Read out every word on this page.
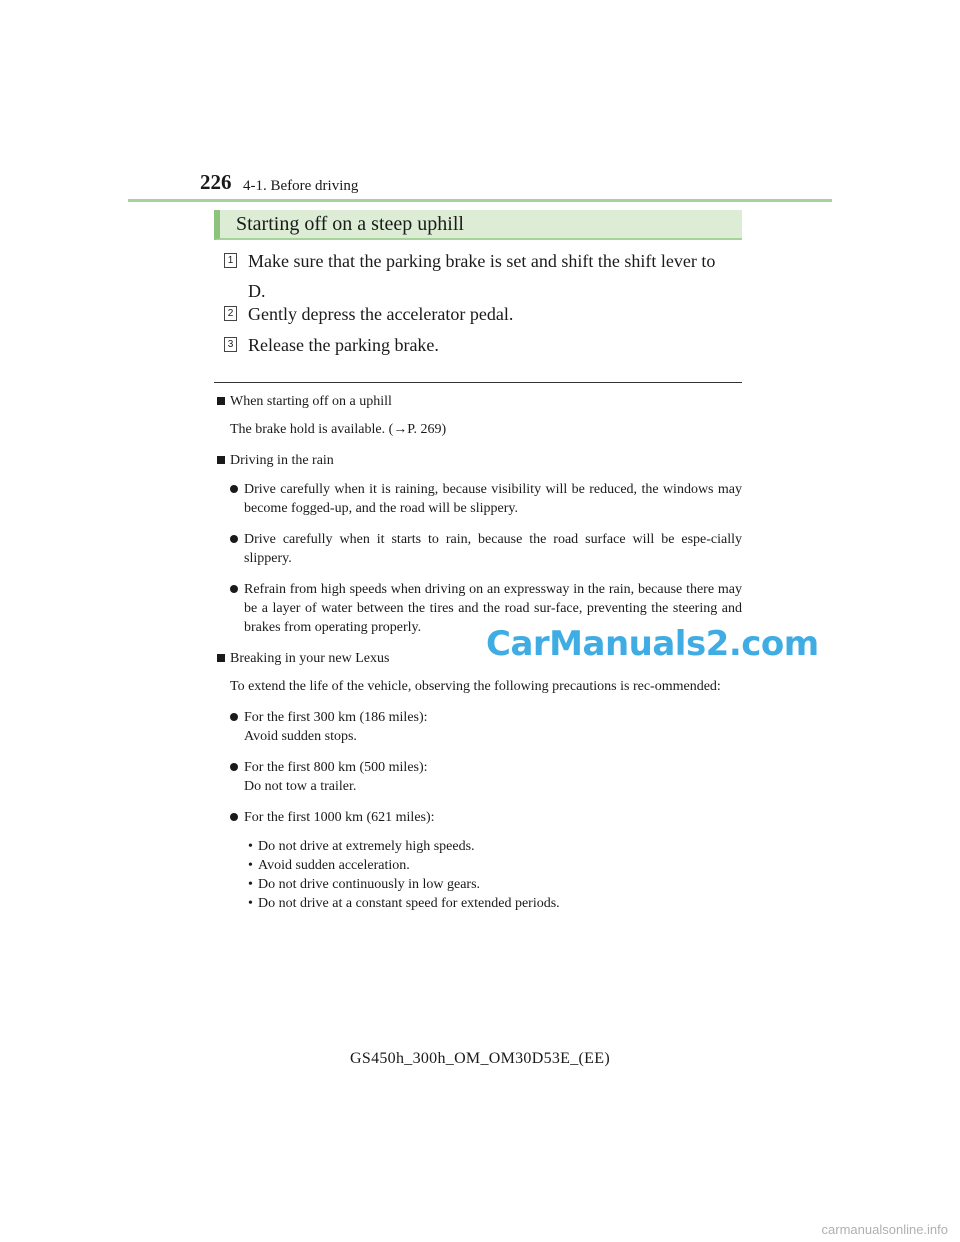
226 4-1. Before driving
Starting off on a steep uphill
1 Make sure that the parking brake is set and shift the shift lever to
D.
2 Gently depress the accelerator pedal.
3 Release the parking brake.
When starting off on a uphill
The brake hold is available. (→P. 269)
Driving in the rain
Drive carefully when it is raining, because visibility will be reduced, the windows may become fogged-up, and the road will be slippery.
Drive carefully when it starts to rain, because the road surface will be espe-cially slippery.
Refrain from high speeds when driving on an expressway in the rain, because there may be a layer of water between the tires and the road sur-face, preventing the steering and brakes from operating properly.
Breaking in your new Lexus
To extend the life of the vehicle, observing the following precautions is rec-ommended:
For the first 300 km (186 miles):
Avoid sudden stops.
For the first 800 km (500 miles):
Do not tow a trailer.
For the first 1000 km (621 miles):
• Do not drive at extremely high speeds.
• Avoid sudden acceleration.
• Do not drive continuously in low gears.
• Do not drive at a constant speed for extended periods.
CarManuals2.com
GS450h_300h_OM_OM30D53E_(EE)
carmanualsonline.info
